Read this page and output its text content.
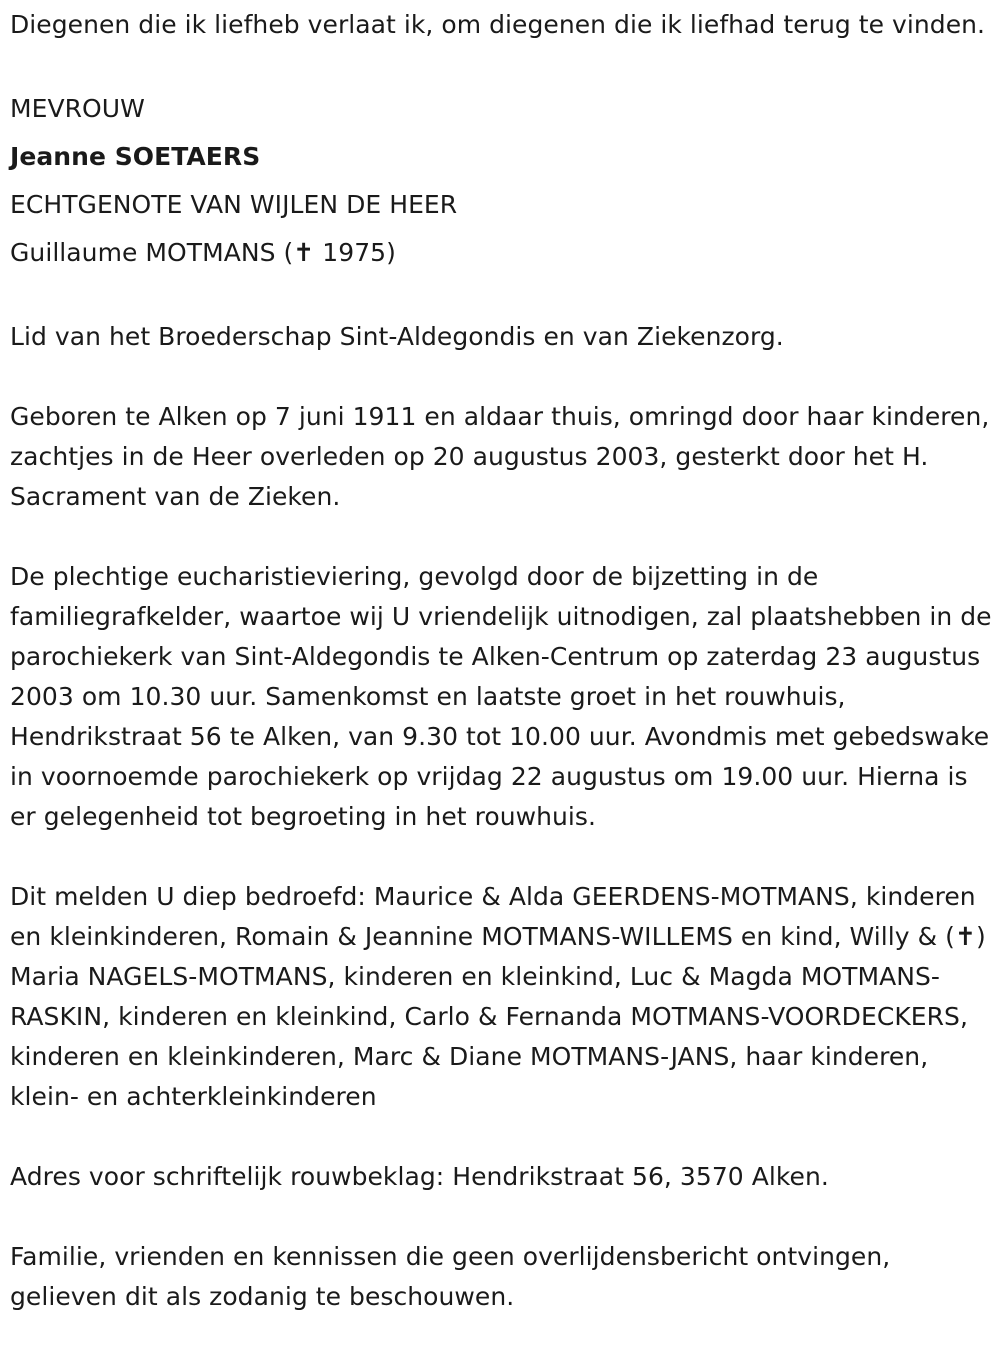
Diegenen die ik liefheb verlaat ik, om diegenen die ik liefhad terug te vinden.

MEVROUW

Jeanne SOETAERS

ECHTGENOTE VAN WIJLEN DE HEER

Guillaume MOTMANS (✝ 1975)

Lid van het Broederschap Sint-Aldegondis en van Ziekenzorg.

Geboren te Alken op 7 juni 1911 en aldaar thuis, omringd door haar kinderen, zachtjes in de Heer overleden op 20 augustus 2003, gesterkt door het H. Sacrament van de Zieken.

De plechtige eucharistieviering, gevolgd door de bijzetting in de familiegrafkelder, waartoe wij U vriendelijk uitnodigen, zal plaatshebben in de parochiekerk van Sint-Aldegondis te Alken-Centrum op zaterdag 23 augustus 2003 om 10.30 uur. Samenkomst en laatste groet in het rouwhuis, Hendrikstraat 56 te Alken, van 9.30 tot 10.00 uur. Avondmis met gebedswake in voornoemde parochiekerk op vrijdag 22 augustus om 19.00 uur. Hierna is er gelegenheid tot begroeting in het rouwhuis.

Dit melden U diep bedroefd: Maurice & Alda GEERDENS-MOTMANS, kinderen en kleinkinderen, Romain & Jeannine MOTMANS-WILLEMS en kind, Willy & (✝) Maria NAGELS-MOTMANS, kinderen en kleinkind, Luc & Magda MOTMANS-RASKIN, kinderen en kleinkind, Carlo & Fernanda MOTMANS-VOORDECKERS, kinderen en kleinkinderen, Marc & Diane MOTMANS-JANS, haar kinderen, klein- en achterkleinkinderen

Adres voor schriftelijk rouwbeklag: Hendrikstraat 56, 3570 Alken.

Familie, vrienden en kennissen die geen overlijdensbericht ontvingen, gelieven dit als zodanig te beschouwen.
